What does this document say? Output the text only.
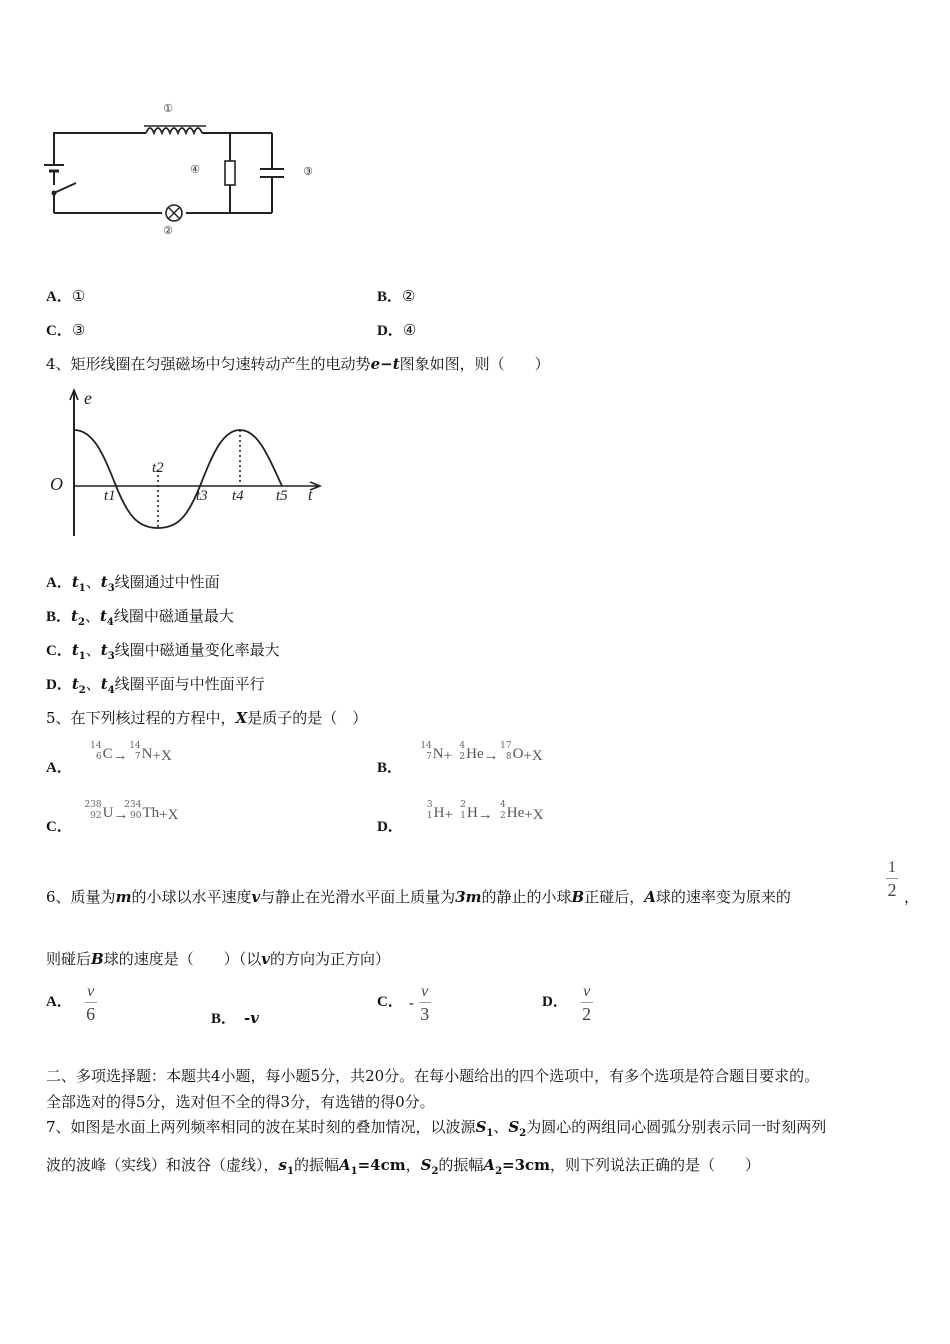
①
②
③
④
A．①	B．②
C．③	D．④
4、矩形线圈在匀强磁场中匀速转动产生的电动势e−t图象如图，则（　　）
e
t
O
t1
t2
t3 t4 t5
A．$t_1$、$t_3$线圈通过中性面
B．$t_2$、$t_4$线圈中磁通量最大
C．$t_1$、$t_3$线圈中磁通量变化率最大
D．$t_2$、$t_4$线圈平面与中性面平行
5、在下列核过程的方程中，X是质子的是（　）
A．
14
6 C→
14
7 N+X
B．
14
7 N+
4
2 He→
17
8 O+X
C．
238
92 U→
234
90 Th+X
D．
3
1 H+
2
1 H→
4
2 He+X
6、质量为m的小球以水平速度v与静止在光滑水平面上质量为3m的静止的小球B正碰后，A球的速率变为原来的
1
2 ，
则碰后B球的速度是（　　）（以v的方向为正方向）
A． $\frac{v}{6}$	B． -v
C． - $\frac{v}{3}$	D． $\frac{v}{2}$
二、多项选择题：本题共4小题，每小题5分，共20分。在每小题给出的四个选项中，有多个选项是符合题目要求的。
全部选对的得5分，选对但不全的得3分，有选错的得0分。
7、如图是水面上两列频率相同的波在某时刻的叠加情况，以波源$S_1$、$S_2$为圆心的两组同心圆弧分别表示同一时刻两列
波的波峰（实线）和波谷（虚线），$s_1$的振幅$A_1=4cm$，$S_2$的振幅$A_2=3cm$，则下列说法正确的是（　　）
